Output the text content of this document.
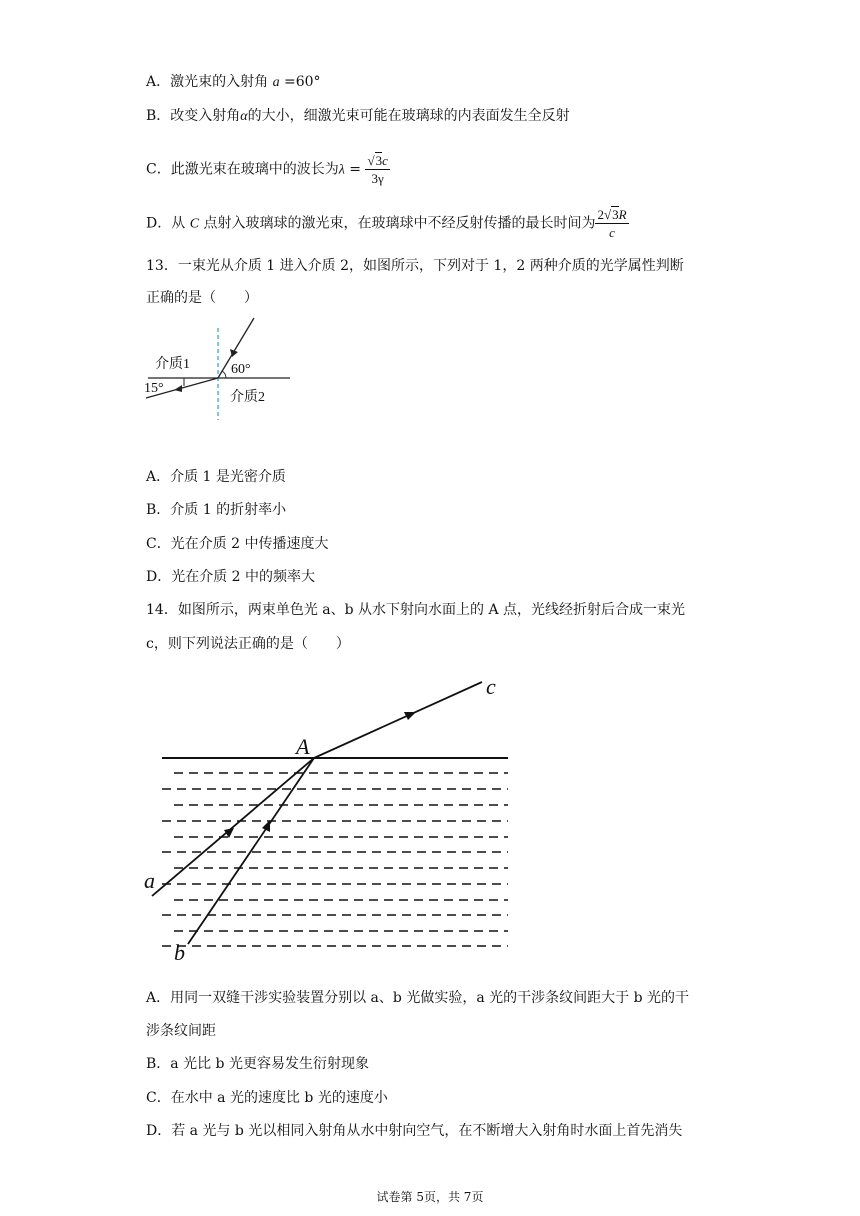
A．激光束的入射角 a =60°
B．改变入射角α的大小，细激光束可能在玻璃球的内表面发生全反射
C．此激光束在玻璃中的波长为$\lambda = \frac{√3c}{3\gamma}$
D．从 C 点射入玻璃球的激光束，在玻璃球中不经反射传播的最长时间为 $\frac{2√3R}{c}$
13．一束光从介质 1 进入介质 2，如图所示，下列对于 1，2 两种介质的光学属性判断
正确的是（　　）
介质1
介质2
60°
15°
A．介质 1 是光密介质
B．介质 1 的折射率小
C．光在介质 2 中传播速度大
D．光在介质 2 中的频率大
14．如图所示，两束单色光 a、b 从水下射向水面上的 A 点，光线经折射后合成一束光
c，则下列说法正确的是（　　）
A
a
b
c
A．用同一双缝干涉实验装置分别以 a、b 光做实验，a 光的干涉条纹间距大于 b 光的干
涉条纹间距
B．a 光比 b 光更容易发生衍射现象
C．在水中 a 光的速度比 b 光的速度小
D．若 a 光与 b 光以相同入射角从水中射向空气，在不断增大入射角时水面上首先消失
试卷第 5页，共 7页
